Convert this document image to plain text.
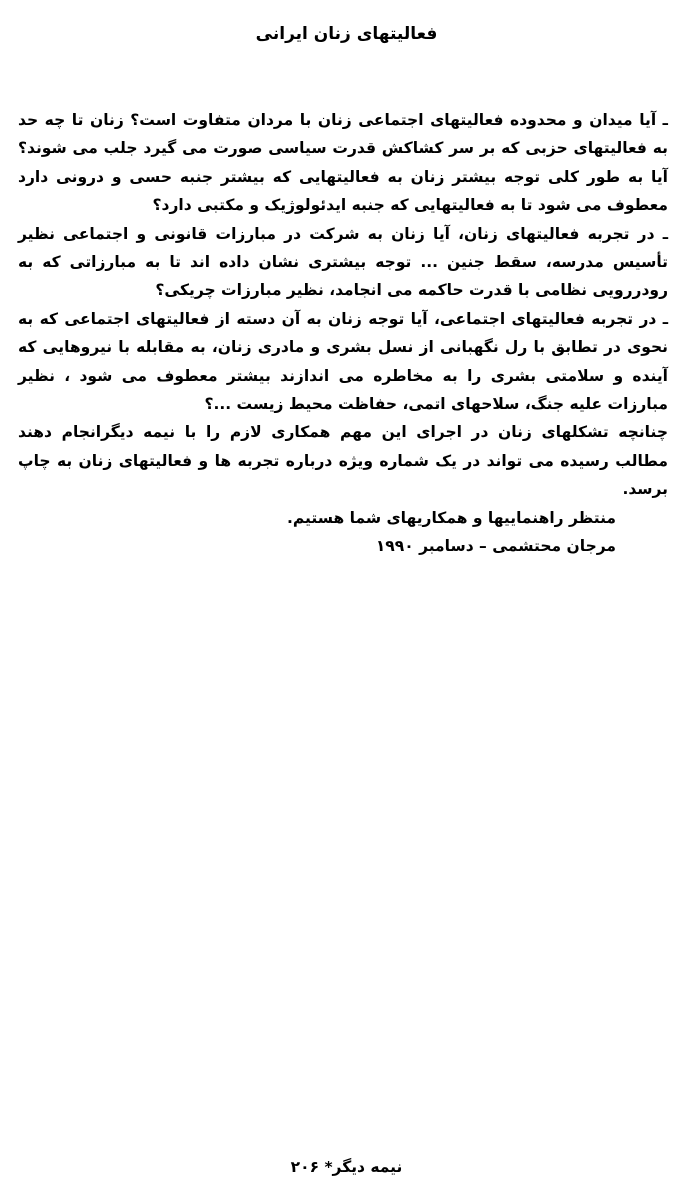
فعالیتهای زنان ایرانی

ـ آیا میدان و محدوده فعالیتهای اجتماعی زنان با مردان متفاوت است؟ زنان تا چه حد به فعالیتهای حزبی که بر سر کشاکش قدرت سیاسی صورت می گیرد جلب می شوند؟ آیا به طور کلی توجه بیشتر زنان به فعالیتهایی که بیشتر جنبه حسی و درونی دارد معطوف می شود تا به فعالیتهایی که جنبه ایدئولوژیک و مکتبی دارد؟

ـ در تجربه فعالیتهای زنان، آیا زنان به شرکت در مبارزات قانونی و اجتماعی نظیر تأسیس مدرسه، سقط جنین ... توجه بیشتری نشان داده اند تا به مبارزاتی که به رودررویی نظامی با قدرت حاکمه می انجامد، نظیر مبارزات چریکی؟

ـ در تجربه فعالیتهای اجتماعی، آیا توجه زنان به آن دسته از فعالیتهای اجتماعی که به نحوی در تطابق با رل نگهبانی از نسل بشری و مادری زنان، به مقابله با نیروهایی که آینده و سلامتی بشری را به مخاطره می اندازند بیشتر معطوف می شود ، نظیر مبارزات علیه جنگ، سلاحهای اتمی، حفاظت محیط زیست ...؟

چنانچه تشکلهای زنان در اجرای این مهم همکاری لازم را با نیمه دیگرانجام دهند مطالب رسیده می تواند در یک شماره ویژه درباره تجربه ها و فعالیتهای زنان به چاپ برسد.

منتظر راهنماییها و همکاریهای شما هستیم.

مرجان محتشمی – دسامبر ۱۹۹۰

نیمه دیگر* ۲۰۶
